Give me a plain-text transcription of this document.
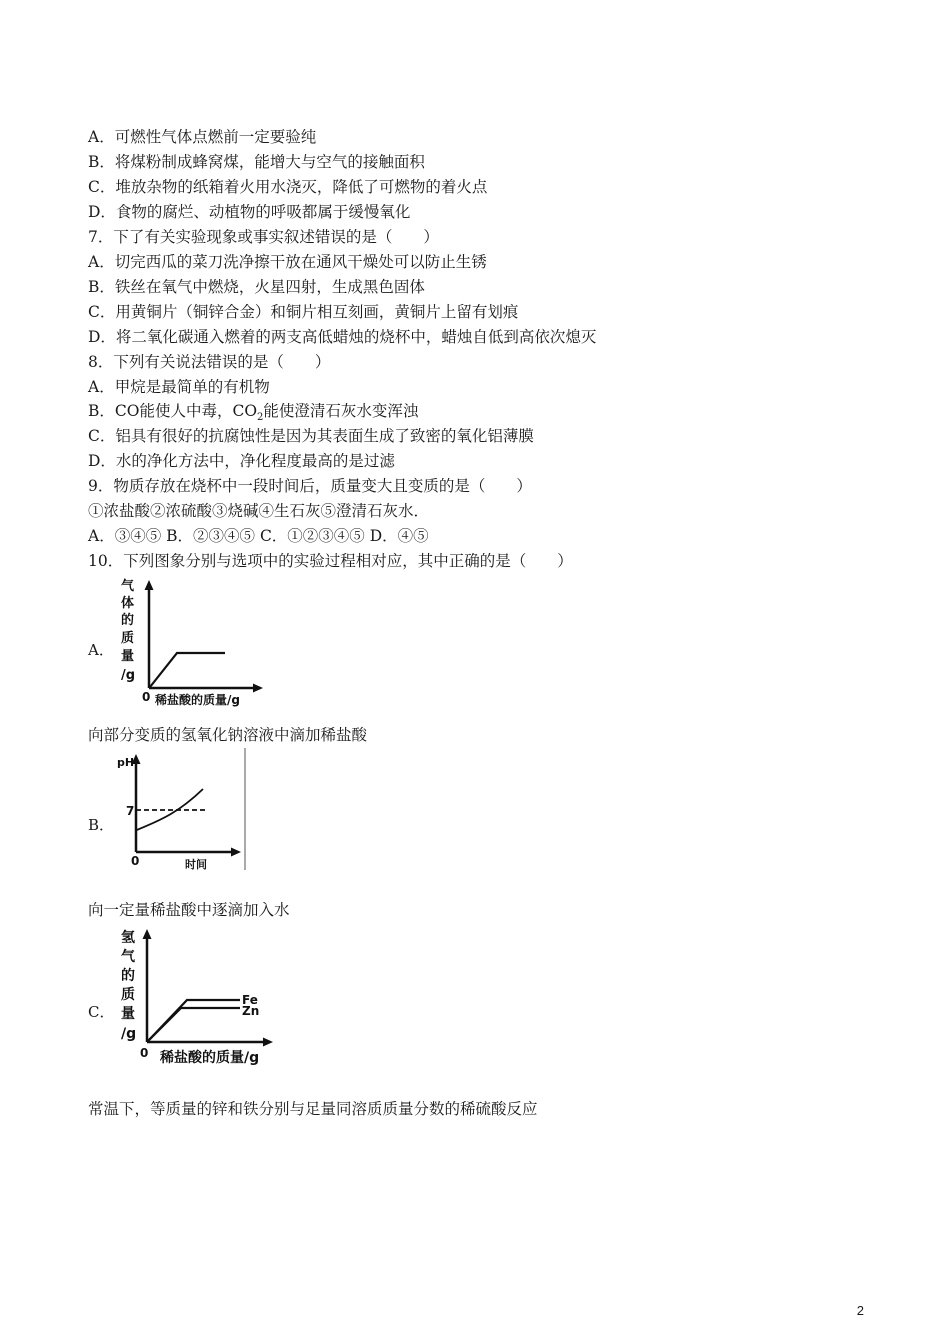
A．可燃性气体点燃前一定要验纯
B．将煤粉制成蜂窝煤，能增大与空气的接触面积
C．堆放杂物的纸箱着火用水浇灭，降低了可燃物的着火点
D．食物的腐烂、动植物的呼吸都属于缓慢氧化
7．下了有关实验现象或事实叙述错误的是（　　）
A．切完西瓜的菜刀洗净擦干放在通风干燥处可以防止生锈
B．铁丝在氧气中燃烧，火星四射，生成黑色固体
C．用黄铜片（铜锌合金）和铜片相互刻画，黄铜片上留有划痕
D．将二氧化碳通入燃着的两支高低蜡烛的烧杯中，蜡烛自低到高依次熄灭
8．下列有关说法错误的是（　　）
A．甲烷是最简单的有机物
B．CO能使人中毒，$CO_2$能使澄清石灰水变浑浊
C．铝具有很好的抗腐蚀性是因为其表面生成了致密的氧化铝薄膜
D．水的净化方法中，净化程度最高的是过滤
9．物质存放在烧杯中一段时间后，质量变大且变质的是（　　）
①浓盐酸②浓硫酸③烧碱④生石灰⑤澄清石灰水．
A．③④⑤ B．②③④⑤ C．①②③④⑤ D．④⑤
10．下列图象分别与选项中的实验过程相对应，其中正确的是（　　）
A．
气
体
的
质
量
/g
0 稀盐酸的质量/g
向部分变质的氢氧化钠溶液中滴加稀盐酸
B．
pH
7
0	时间
向一定量稀盐酸中逐滴加入水
C．
Fe
Zn
氢
气
的
质
量
/g
0 稀盐酸的质量/g
常温下，等质量的锌和铁分别与足量同溶质质量分数的稀硫酸反应
2
